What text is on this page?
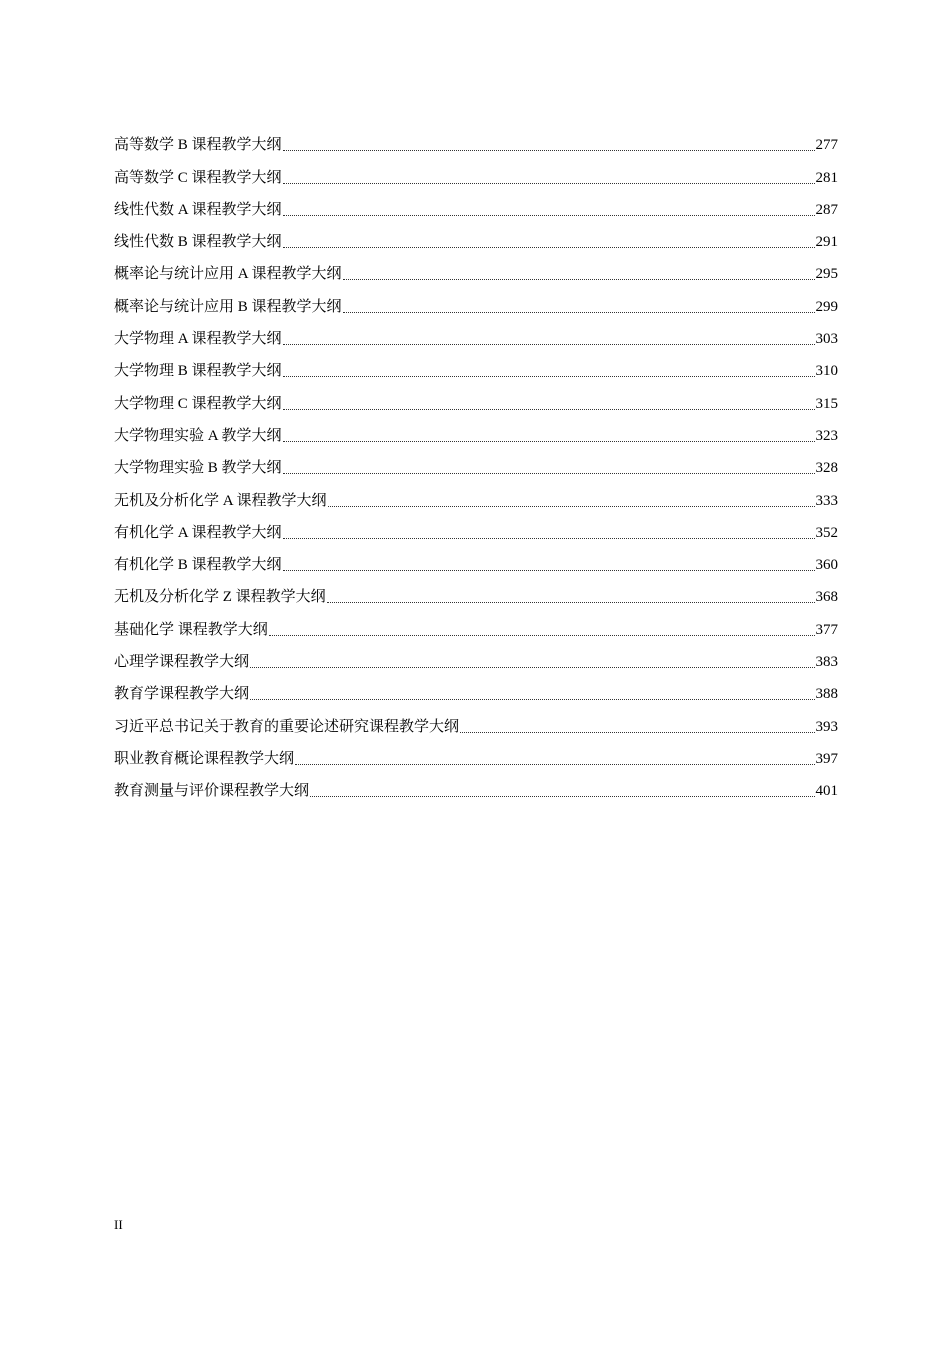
高等数学 B 课程教学大纲	277
高等数学 C 课程教学大纲	281
线性代数 A 课程教学大纲	287
线性代数 B 课程教学大纲	291
概率论与统计应用 A 课程教学大纲	295
概率论与统计应用 B 课程教学大纲	299
大学物理 A 课程教学大纲	303
大学物理 B 课程教学大纲	310
大学物理 C 课程教学大纲	315
大学物理实验 A 教学大纲	323
大学物理实验 B 教学大纲	328
无机及分析化学 A 课程教学大纲	333
有机化学 A 课程教学大纲	352
有机化学 B 课程教学大纲	360
无机及分析化学 Z 课程教学大纲	368
基础化学 课程教学大纲	377
心理学课程教学大纲	383
教育学课程教学大纲	388
习近平总书记关于教育的重要论述研究课程教学大纲	393
职业教育概论课程教学大纲	397
教育测量与评价课程教学大纲	401
II
